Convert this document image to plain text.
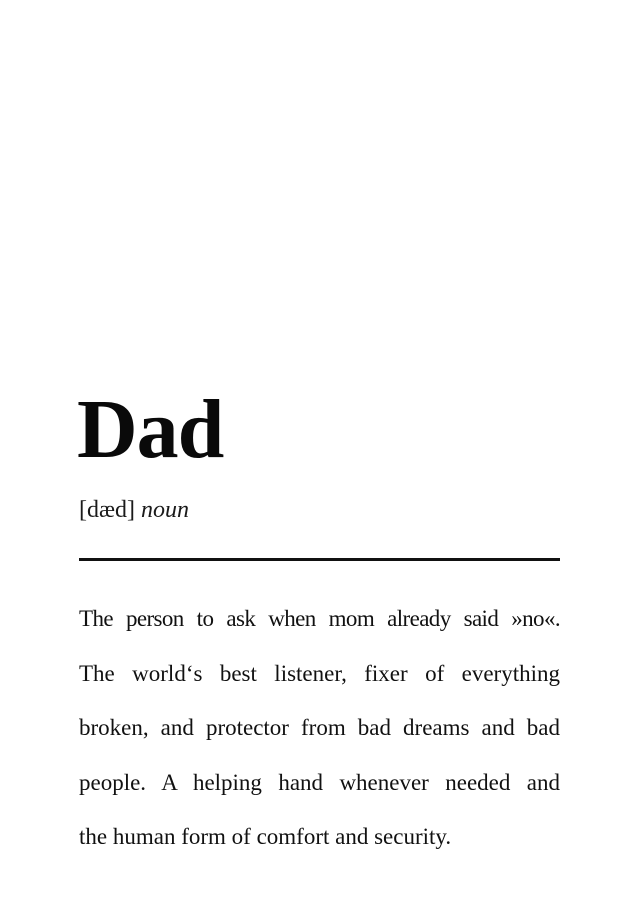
Dad
[dæd] noun
The person to ask when mom already said »no«.
The world‘s best listener, fixer of everything
broken, and protector from bad dreams and bad
people. A helping hand whenever needed and
the human form of comfort and security.
